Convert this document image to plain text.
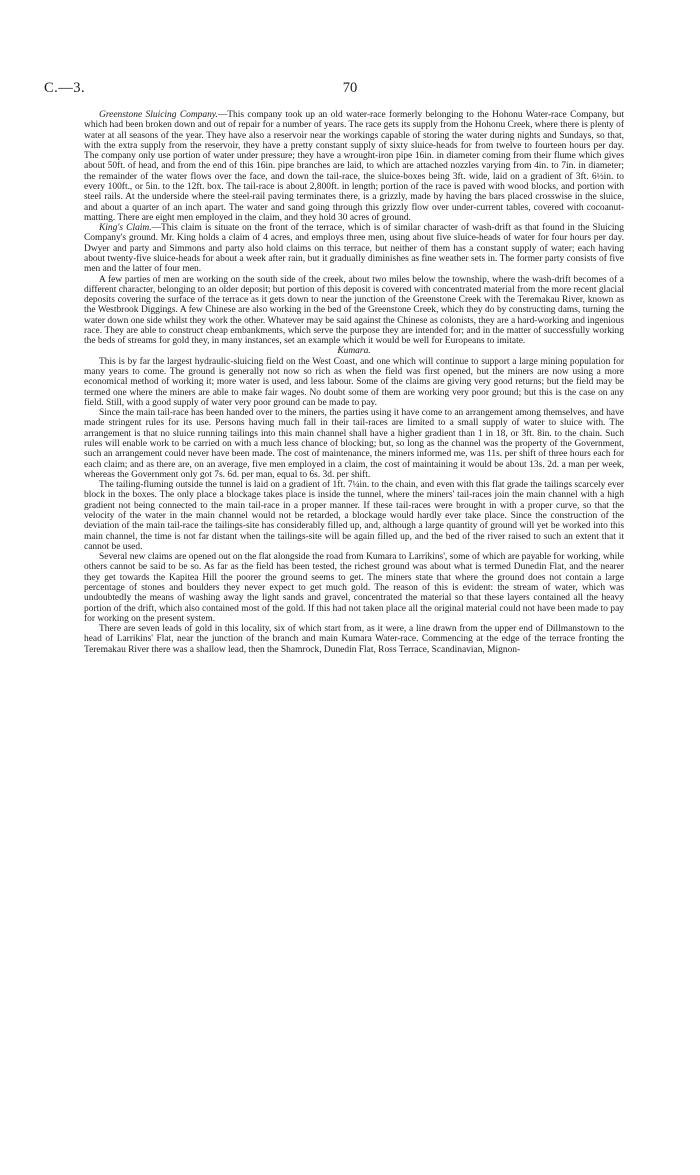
C.—3.	70

Greenstone Sluicing Company.—This company took up an old water-race formerly belonging to the Hohonu Water-race Company, but which had been broken down and out of repair for a number of years. The race gets its supply from the Hohonu Creek, where there is plenty of water at all seasons of the year. They have also a reservoir near the workings capable of storing the water during nights and Sundays, so that, with the extra supply from the reservoir, they have a pretty constant supply of sixty sluice-heads for from twelve to fourteen hours per day. The company only use portion of water under pressure; they have a wrought-iron pipe 16in. in diameter coming from their flume which gives about 50ft. of head, and from the end of this 16in. pipe branches are laid, to which are attached nozzles varying from 4in. to 7in. in diameter; the remainder of the water flows over the face, and down the tail-race, the sluice-boxes being 3ft. wide, laid on a gradient of 3ft. 6½in. to every 100ft., or 5in. to the 12ft. box. The tail-race is about 2,800ft. in length; portion of the race is paved with wood blocks, and portion with steel rails. At the underside where the steel-rail paving terminates there, is a grizzly, made by having the bars placed crosswise in the sluice, and about a quarter of an inch apart. The water and sand going through this grizzly flow over under-current tables, covered with cocoanut-matting. There are eight men employed in the claim, and they hold 30 acres of ground.

King's Claim.—This claim is situate on the front of the terrace, which is of similar character of wash-drift as that found in the Sluicing Company's ground. Mr. King holds a claim of 4 acres, and employs three men, using about five sluice-heads of water for four hours per day. Dwyer and party and Simmons and party also hold claims on this terrace, but neither of them has a constant supply of water; each having about twenty-five sluice-heads for about a week after rain, but it gradually diminishes as fine weather sets in. The former party consists of five men and the latter of four men.

A few parties of men are working on the south side of the creek, about two miles below the township, where the wash-drift becomes of a different character, belonging to an older deposit; but portion of this deposit is covered with concentrated material from the more recent glacial deposits covering the surface of the terrace as it gets down to near the junction of the Greenstone Creek with the Teremakau River, known as the Westbrook Diggings. A few Chinese are also working in the bed of the Greenstone Creek, which they do by constructing dams, turning the water down one side whilst they work the other. Whatever may be said against the Chinese as colonists, they are a hard-working and ingenious race. They are able to construct cheap embankments, which serve the purpose they are intended for; and in the matter of successfully working the beds of streams for gold they, in many instances, set an example which it would be well for Europeans to imitate.

Kumara.

This is by far the largest hydraulic-sluicing field on the West Coast, and one which will continue to support a large mining population for many years to come. The ground is generally not now so rich as when the field was first opened, but the miners are now using a more economical method of working it; more water is used, and less labour. Some of the claims are giving very good returns; but the field may be termed one where the miners are able to make fair wages. No doubt some of them are working very poor ground; but this is the case on any field. Still, with a good supply of water very poor ground can be made to pay.

Since the main tail-race has been handed over to the miners, the parties using it have come to an arrangement among themselves, and have made stringent rules for its use. Persons having much fall in their tail-races are limited to a small supply of water to sluice with. The arrangement is that no sluice running tailings into this main channel shall have a higher gradient than 1 in 18, or 3ft. 8in. to the chain. Such rules will enable work to be carried on with a much less chance of blocking; but, so long as the channel was the property of the Government, such an arrangement could never have been made. The cost of maintenance, the miners informed me, was 11s. per shift of three hours each for each claim; and as there are, on an average, five men employed in a claim, the cost of maintaining it would be about 13s. 2d. a man per week, whereas the Government only got 7s. 6d. per man, equal to 6s. 3d. per shift.

The tailing-fluming outside the tunnel is laid on a gradient of 1ft. 7¼in. to the chain, and even with this flat grade the tailings scarcely ever block in the boxes. The only place a blockage takes place is inside the tunnel, where the miners' tail-races join the main channel with a high gradient not being connected to the main tail-race in a proper manner. If these tail-races were brought in with a proper curve, so that the velocity of the water in the main channel would not be retarded, a blockage would hardly ever take place. Since the construction of the deviation of the main tail-race the tailings-site has considerably filled up, and, although a large quantity of ground will yet be worked into this main channel, the time is not far distant when the tailings-site will be again filled up, and the bed of the river raised to such an extent that it cannot be used.

Several new claims are opened out on the flat alongside the road from Kumara to Larrikins', some of which are payable for working, while others cannot be said to be so. As far as the field has been tested, the richest ground was about what is termed Dunedin Flat, and the nearer they get towards the Kapitea Hill the poorer the ground seems to get. The miners state that where the ground does not contain a large percentage of stones and boulders they never expect to get much gold. The reason of this is evident: the stream of water, which was undoubtedly the means of washing away the light sands and gravel, concentrated the material so that these layers contained all the heavy portion of the drift, which also contained most of the gold. If this had not taken place all the original material could not have been made to pay for working on the present system.

There are seven leads of gold in this locality, six of which start from, as it were, a line drawn from the upper end of Dillmanstown to the head of Larrikins' Flat, near the junction of the branch and main Kumara Water-race. Commencing at the edge of the terrace fronting the Teremakau River there was a shallow lead, then the Shamrock, Dunedin Flat, Ross Terrace, Scandinavian, Mignon-
